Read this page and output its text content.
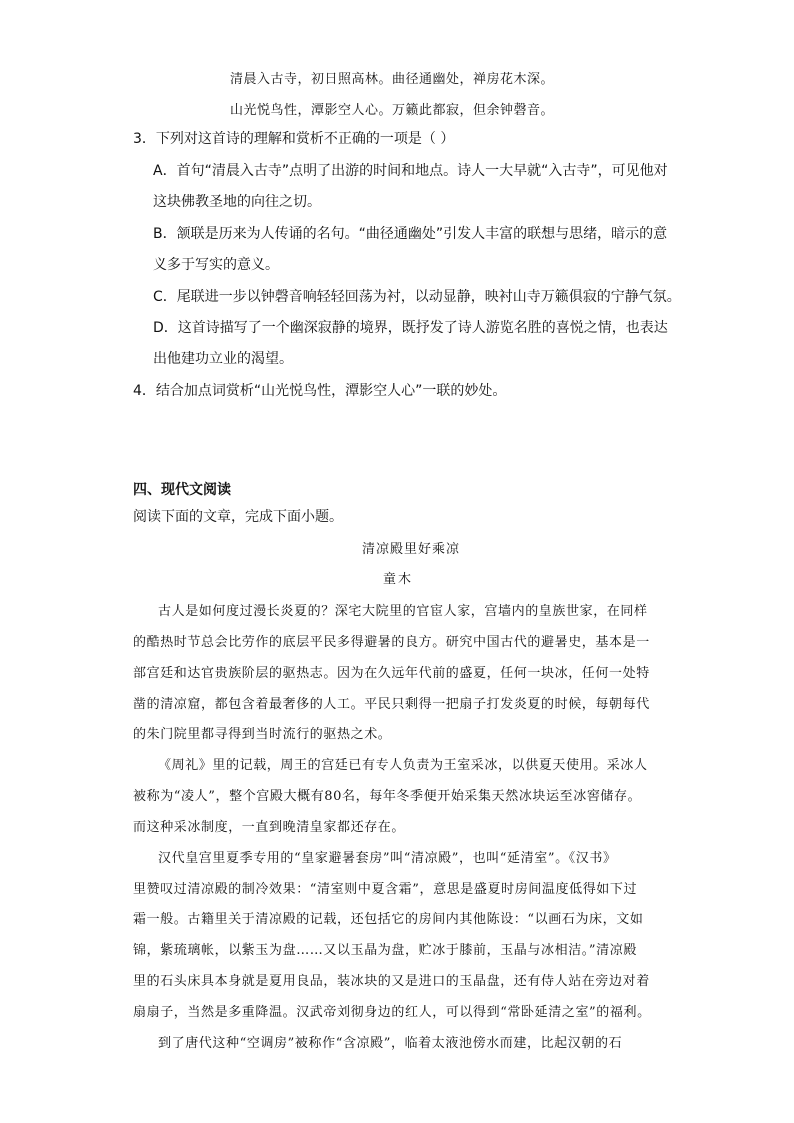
清晨入古寺，初日照高林。曲径通幽处，禅房花木深。
山光悦鸟性，潭影空人心。万籁此都寂，但余钟磬音。
3．下列对这首诗的理解和赏析不正确的一项是（ ）
A．首句“清晨入古寺”点明了出游的时间和地点。诗人一大早就“入古寺”，可见他对
这块佛教圣地的向往之切。
B．颔联是历来为人传诵的名句。“曲径通幽处”引发人丰富的联想与思绪，暗示的意
义多于写实的意义。
C．尾联进一步以钟磬音响轻轻回荡为衬，以动显静，映衬山寺万籁俱寂的宁静气氛。
D．这首诗描写了一个幽深寂静的境界，既抒发了诗人游览名胜的喜悦之情，也表达
出他建功立业的渴望。
4．结合加点词赏析“山光悦鸟性，潭影空人心”一联的妙处。
四、现代文阅读
阅读下面的文章，完成下面小题。
清凉殿里好乘凉
童木
古人是如何度过漫长炎夏的？深宅大院里的官宦人家，宫墙内的皇族世家，在同样
的酷热时节总会比劳作的底层平民多得避暑的良方。研究中国古代的避暑史，基本是一
部宫廷和达官贵族阶层的驱热志。因为在久远年代前的盛夏，任何一块冰，任何一处特
凿的清凉窟，都包含着最奢侈的人工。平民只剩得一把扇子打发炎夏的时候，每朝每代
的朱门院里都寻得到当时流行的驱热之术。
《周礼》里的记载，周王的宫廷已有专人负责为王室采冰，以供夏天使用。采冰人
被称为“凌人”，整个宫殿大概有80名，每年冬季便开始采集天然冰块运至冰窖储存。
而这种采冰制度，一直到晚清皇家都还存在。
汉代皇宫里夏季专用的“皇家避暑套房”叫“清凉殿”，也叫“延清室”。《汉书》
里赞叹过清凉殿的制冷效果：“清室则中夏含霜”，意思是盛夏时房间温度低得如下过
霜一般。古籍里关于清凉殿的记载，还包括它的房间内其他陈设：“以画石为床，文如
锦，紫琉璃帐，以紫玉为盘……又以玉晶为盘，贮冰于膝前，玉晶与冰相洁。”清凉殿
里的石头床具本身就是夏用良品，装冰块的又是进口的玉晶盘，还有侍人站在旁边对着
扇扇子，当然是多重降温。汉武帝刘彻身边的红人，可以得到“常卧延清之室”的福利。
到了唐代这种“空调房”被称作“含凉殿”，临着太液池傍水而建，比起汉朝的石
